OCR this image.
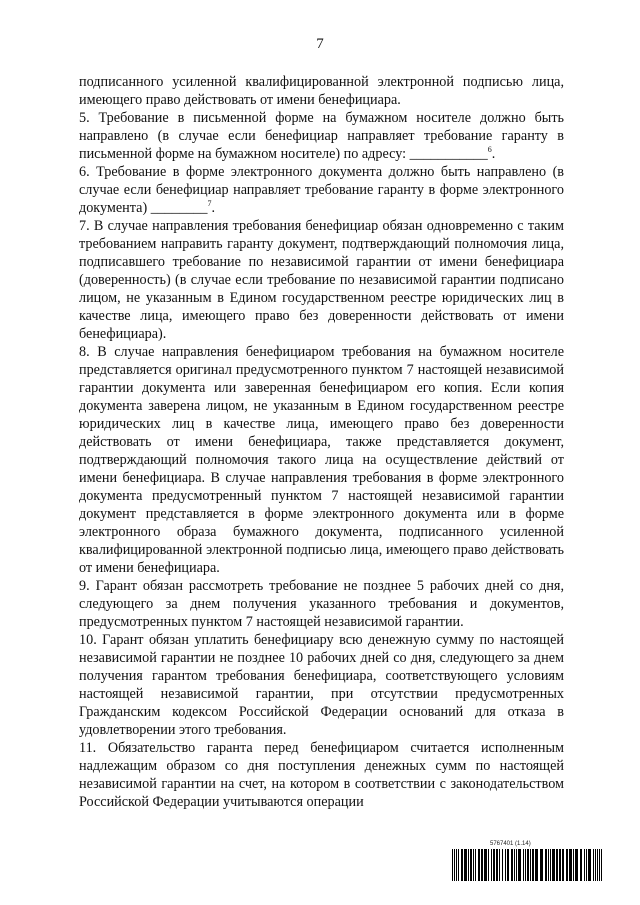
7

подписанного усиленной квалифицированной электронной подписью лица, имеющего право действовать от имени бенефициара.

5. Требование в письменной форме на бумажном носителе должно быть направлено (в случае если бенефициар направляет требование гаранту в письменной форме на бумажном носителе) по адресу: ___________$^6$.

6. Требование в форме электронного документа должно быть направлено (в случае если бенефициар направляет требование гаранту в форме электронного документа) ________$^7$.

7. В случае направления требования бенефициар обязан одновременно с таким требованием направить гаранту документ, подтверждающий полномочия лица, подписавшего требование по независимой гарантии от имени бенефициара (доверенность) (в случае если требование по независимой гарантии подписано лицом, не указанным в Едином государственном реестре юридических лиц в качестве лица, имеющего право без доверенности действовать от имени бенефициара).

8. В случае направления бенефициаром требования на бумажном носителе представляется оригинал предусмотренного пунктом 7 настоящей независимой гарантии документа или заверенная бенефициаром его копия. Если копия документа заверена лицом, не указанным в Едином государственном реестре юридических лиц в качестве лица, имеющего право без доверенности действовать от имени бенефициара, также представляется документ, подтверждающий полномочия такого лица на осуществление действий от имени бенефициара. В случае направления требования в форме электронного документа предусмотренный пунктом 7 настоящей независимой гарантии документ представляется в форме электронного документа или в форме электронного образа бумажного документа, подписанного усиленной квалифицированной электронной подписью лица, имеющего право действовать от имени бенефициара.

9. Гарант обязан рассмотреть требование не позднее 5 рабочих дней со дня, следующего за днем получения указанного требования и документов, предусмотренных пунктом 7 настоящей независимой гарантии.

10. Гарант обязан уплатить бенефициару всю денежную сумму по настоящей независимой гарантии не позднее 10 рабочих дней со дня, следующего за днем получения гарантом требования бенефициара, соответствующего условиям настоящей независимой гарантии, при отсутствии предусмотренных Гражданским кодексом Российской Федерации оснований для отказа в удовлетворении этого требования.

11. Обязательство гаранта перед бенефициаром считается исполненным надлежащим образом со дня поступления денежных сумм по настоящей независимой гарантии на счет, на котором в соответствии с законодательством Российской Федерации учитываются операции

5767401 (1.14)
